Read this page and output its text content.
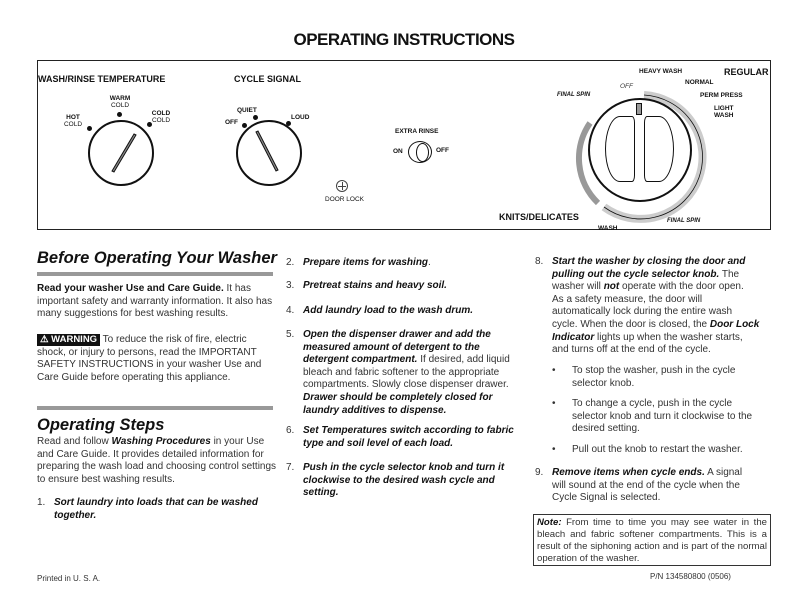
OPERATING INSTRUCTIONS
WASH/RINSE TEMPERATURE	CYCLE SIGNAL
WARM
COLD
HOT
COLD
COLD
COLD
QUIET
OFF
LOUD
EXTRA RINSE
ON	OFF
DOOR LOCK
REGULAR
HEAVY WASH
NORMAL
PERM PRESS
LIGHT WASH
OFF
FINAL SPIN
KNITS/DELICATES	OFF	FINAL SPIN
WASH
Before Operating Your Washer
Read your washer Use and Care Guide. It has important safety and warranty information. It also has many suggestions for best washing results.
⚠ WARNING To reduce the risk of fire, electric shock, or injury to persons, read the IMPORTANT SAFETY INSTRUCTIONS in your washer Use and Care Guide before operating this appliance.
Operating Steps
Read and follow Washing Procedures in your Use and Care Guide. It provides detailed information for preparing the wash load and choosing control settings to ensure best washing results.
1. Sort laundry into loads that can be washed
together.
2. Prepare items for washing.
3. Pretreat stains and heavy soil.
4. Add laundry load to the wash drum.
5. Open the dispenser drawer and add the
measured amount of detergent to the
detergent compartment. If desired, add liquid
bleach and fabric softener to the appropriate
compartments. Slowly close dispenser drawer.
Drawer should be completely closed for
laundry additives to dispense.
6. Set Temperatures switch according to fabric
type and soil level of each load.
7. Push in the cycle selector knob and turn it
clockwise to the desired wash cycle and
setting.
8. Start the washer by closing the door and
pulling out the cycle selector knob. The
washer will not operate with the door open.
As a safety measure, the door will
automatically lock during the entire wash
cycle. When the door is closed, the Door Lock
Indicator lights up when the washer starts,
and turns off at the end of the cycle.
• To stop the washer, push in the cycle
selector knob.
• To change a cycle, push in the cycle
selector knob and turn it clockwise to the
desired setting.
• Pull out the knob to restart the washer.
9. Remove items when cycle ends. A signal
will sound at the end of the cycle when the
Cycle Signal is selected.
Note: From time to time you may see water in the bleach and fabric softener compartments. This is a result of the siphoning action and is part of the normal operation of the washer.
Printed in U. S. A.	P/N 134580800 (0506)
